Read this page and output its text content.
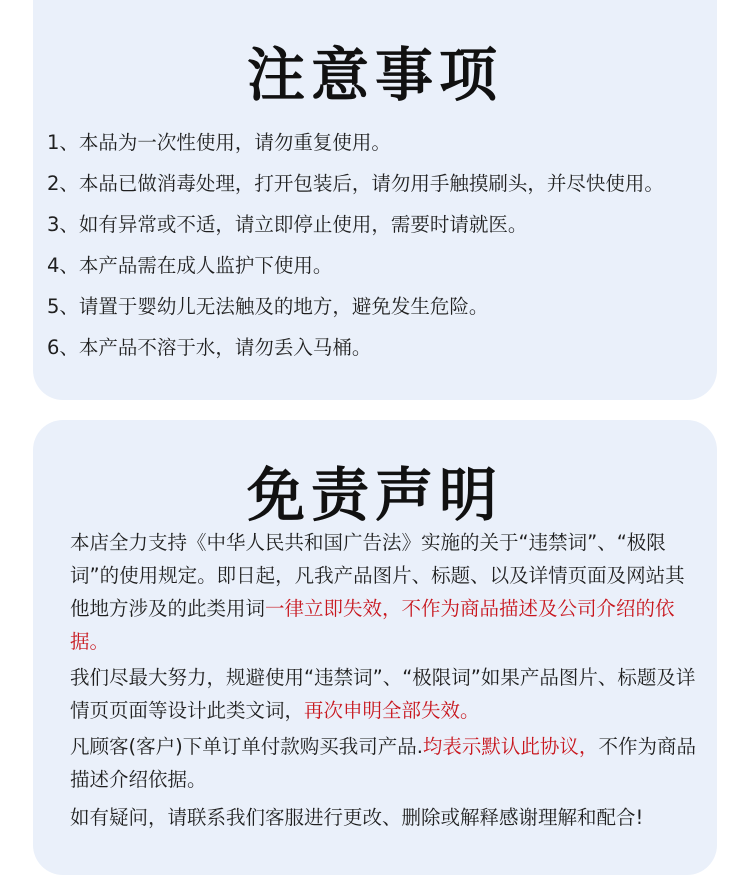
注意事项
1、本品为一次性使用，请勿重复使用。
2、本品已做消毒处理，打开包装后，请勿用手触摸刷头，并尽快使用。
3、如有异常或不适，请立即停止使用，需要时请就医。
4、本产品需在成人监护下使用。
5、请置于婴幼儿无法触及的地方，避免发生危险。
6、本产品不溶于水，请勿丢入马桶。
免责声明

本店全力支持《中华人民共和国广告法》实施的关于“违禁词”、“极限词”的使用规定。即日起，凡我产品图片、标题、以及详情页面及网站其他地方涉及的此类用词一律立即失效，不作为商品描述及公司介绍的依据。

我们尽最大努力，规避使用“违禁词”、“极限词”如果产品图片、标题及详情页页面等设计此类文词，再次申明全部失效。

凡顾客(客户)下单订单付款购买我司产品.均表示默认此协议，不作为商品描述介绍依据。

如有疑问，请联系我们客服进行更改、删除或解释感谢理解和配合!
